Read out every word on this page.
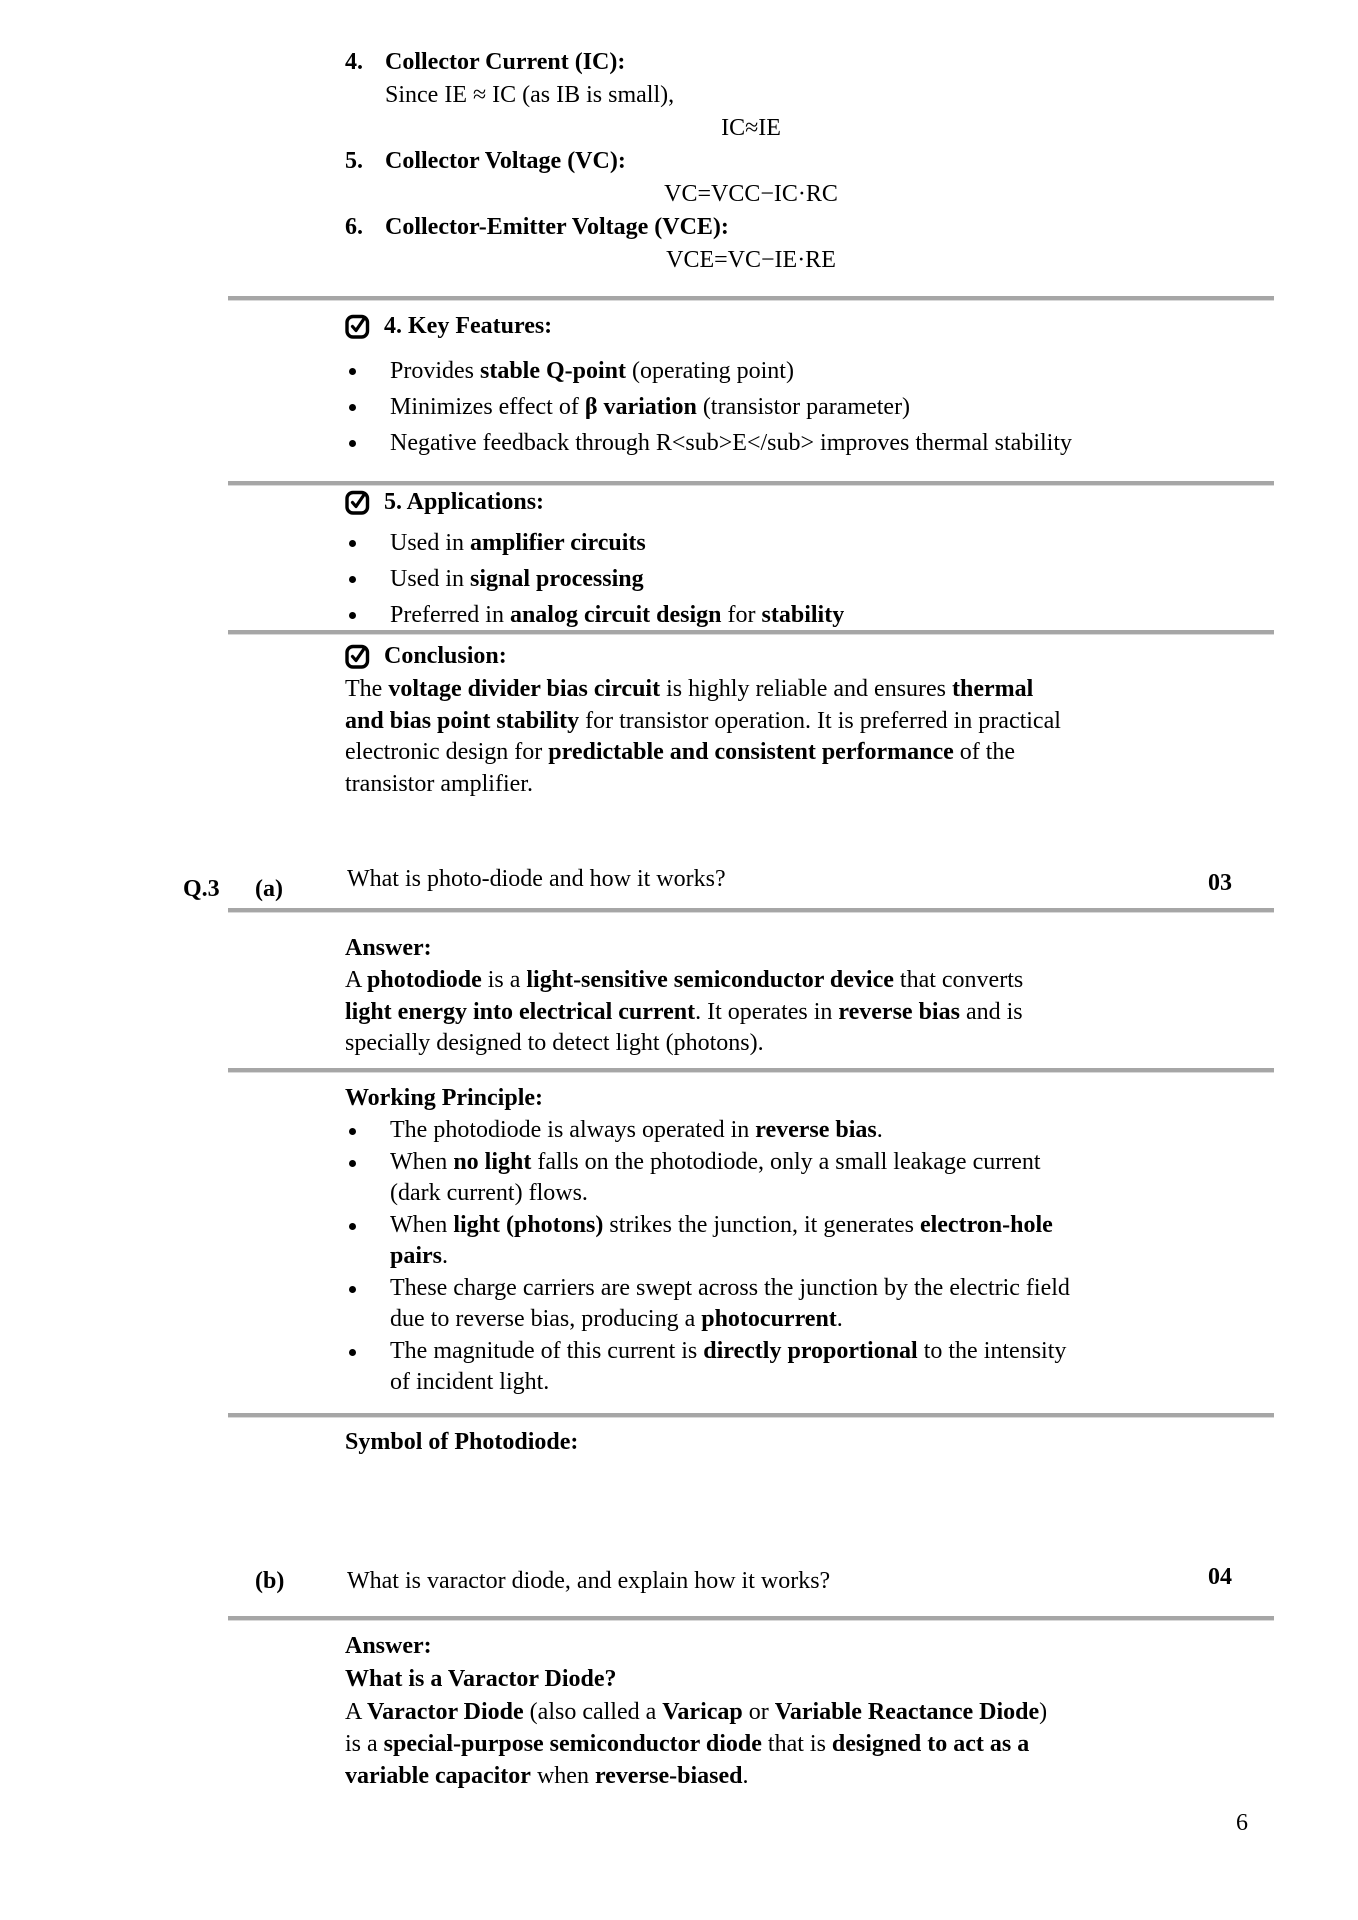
4. Collector Current (IC):
Since IE ≈ IC (as IB is small),
IC≈IE
5. Collector Voltage (VC):
VC=VCC−IC·RC
6. Collector-Emitter Voltage (VCE):
VCE=VC−IE·RE
4. Key Features:
Provides stable Q-point (operating point)
Minimizes effect of β variation (transistor parameter)
Negative feedback through R<sub>E</sub> improves thermal stability
5. Applications:
Used in amplifier circuits
Used in signal processing
Preferred in analog circuit design for stability
Conclusion:
The voltage divider bias circuit is highly reliable and ensures thermal
and bias point stability for transistor operation. It is preferred in practical
electronic design for predictable and consistent performance of the
transistor amplifier.
Q.3 (a)	What is photo-diode and how it works?	03
Answer:
A photodiode is a light-sensitive semiconductor device that converts
light energy into electrical current. It operates in reverse bias and is
specially designed to detect light (photons).
Working Principle:
The photodiode is always operated in reverse bias.
When no light falls on the photodiode, only a small leakage current
(dark current) flows.
When light (photons) strikes the junction, it generates electron-hole
pairs.
These charge carriers are swept across the junction by the electric field
due to reverse bias, producing a photocurrent.
The magnitude of this current is directly proportional to the intensity
of incident light.
Symbol of Photodiode:
(b)	What is varactor diode, and explain how it works?	04
Answer:
What is a Varactor Diode?
A Varactor Diode (also called a Varicap or Variable Reactance Diode)
is a special-purpose semiconductor diode that is designed to act as a
variable capacitor when reverse-biased.
6
